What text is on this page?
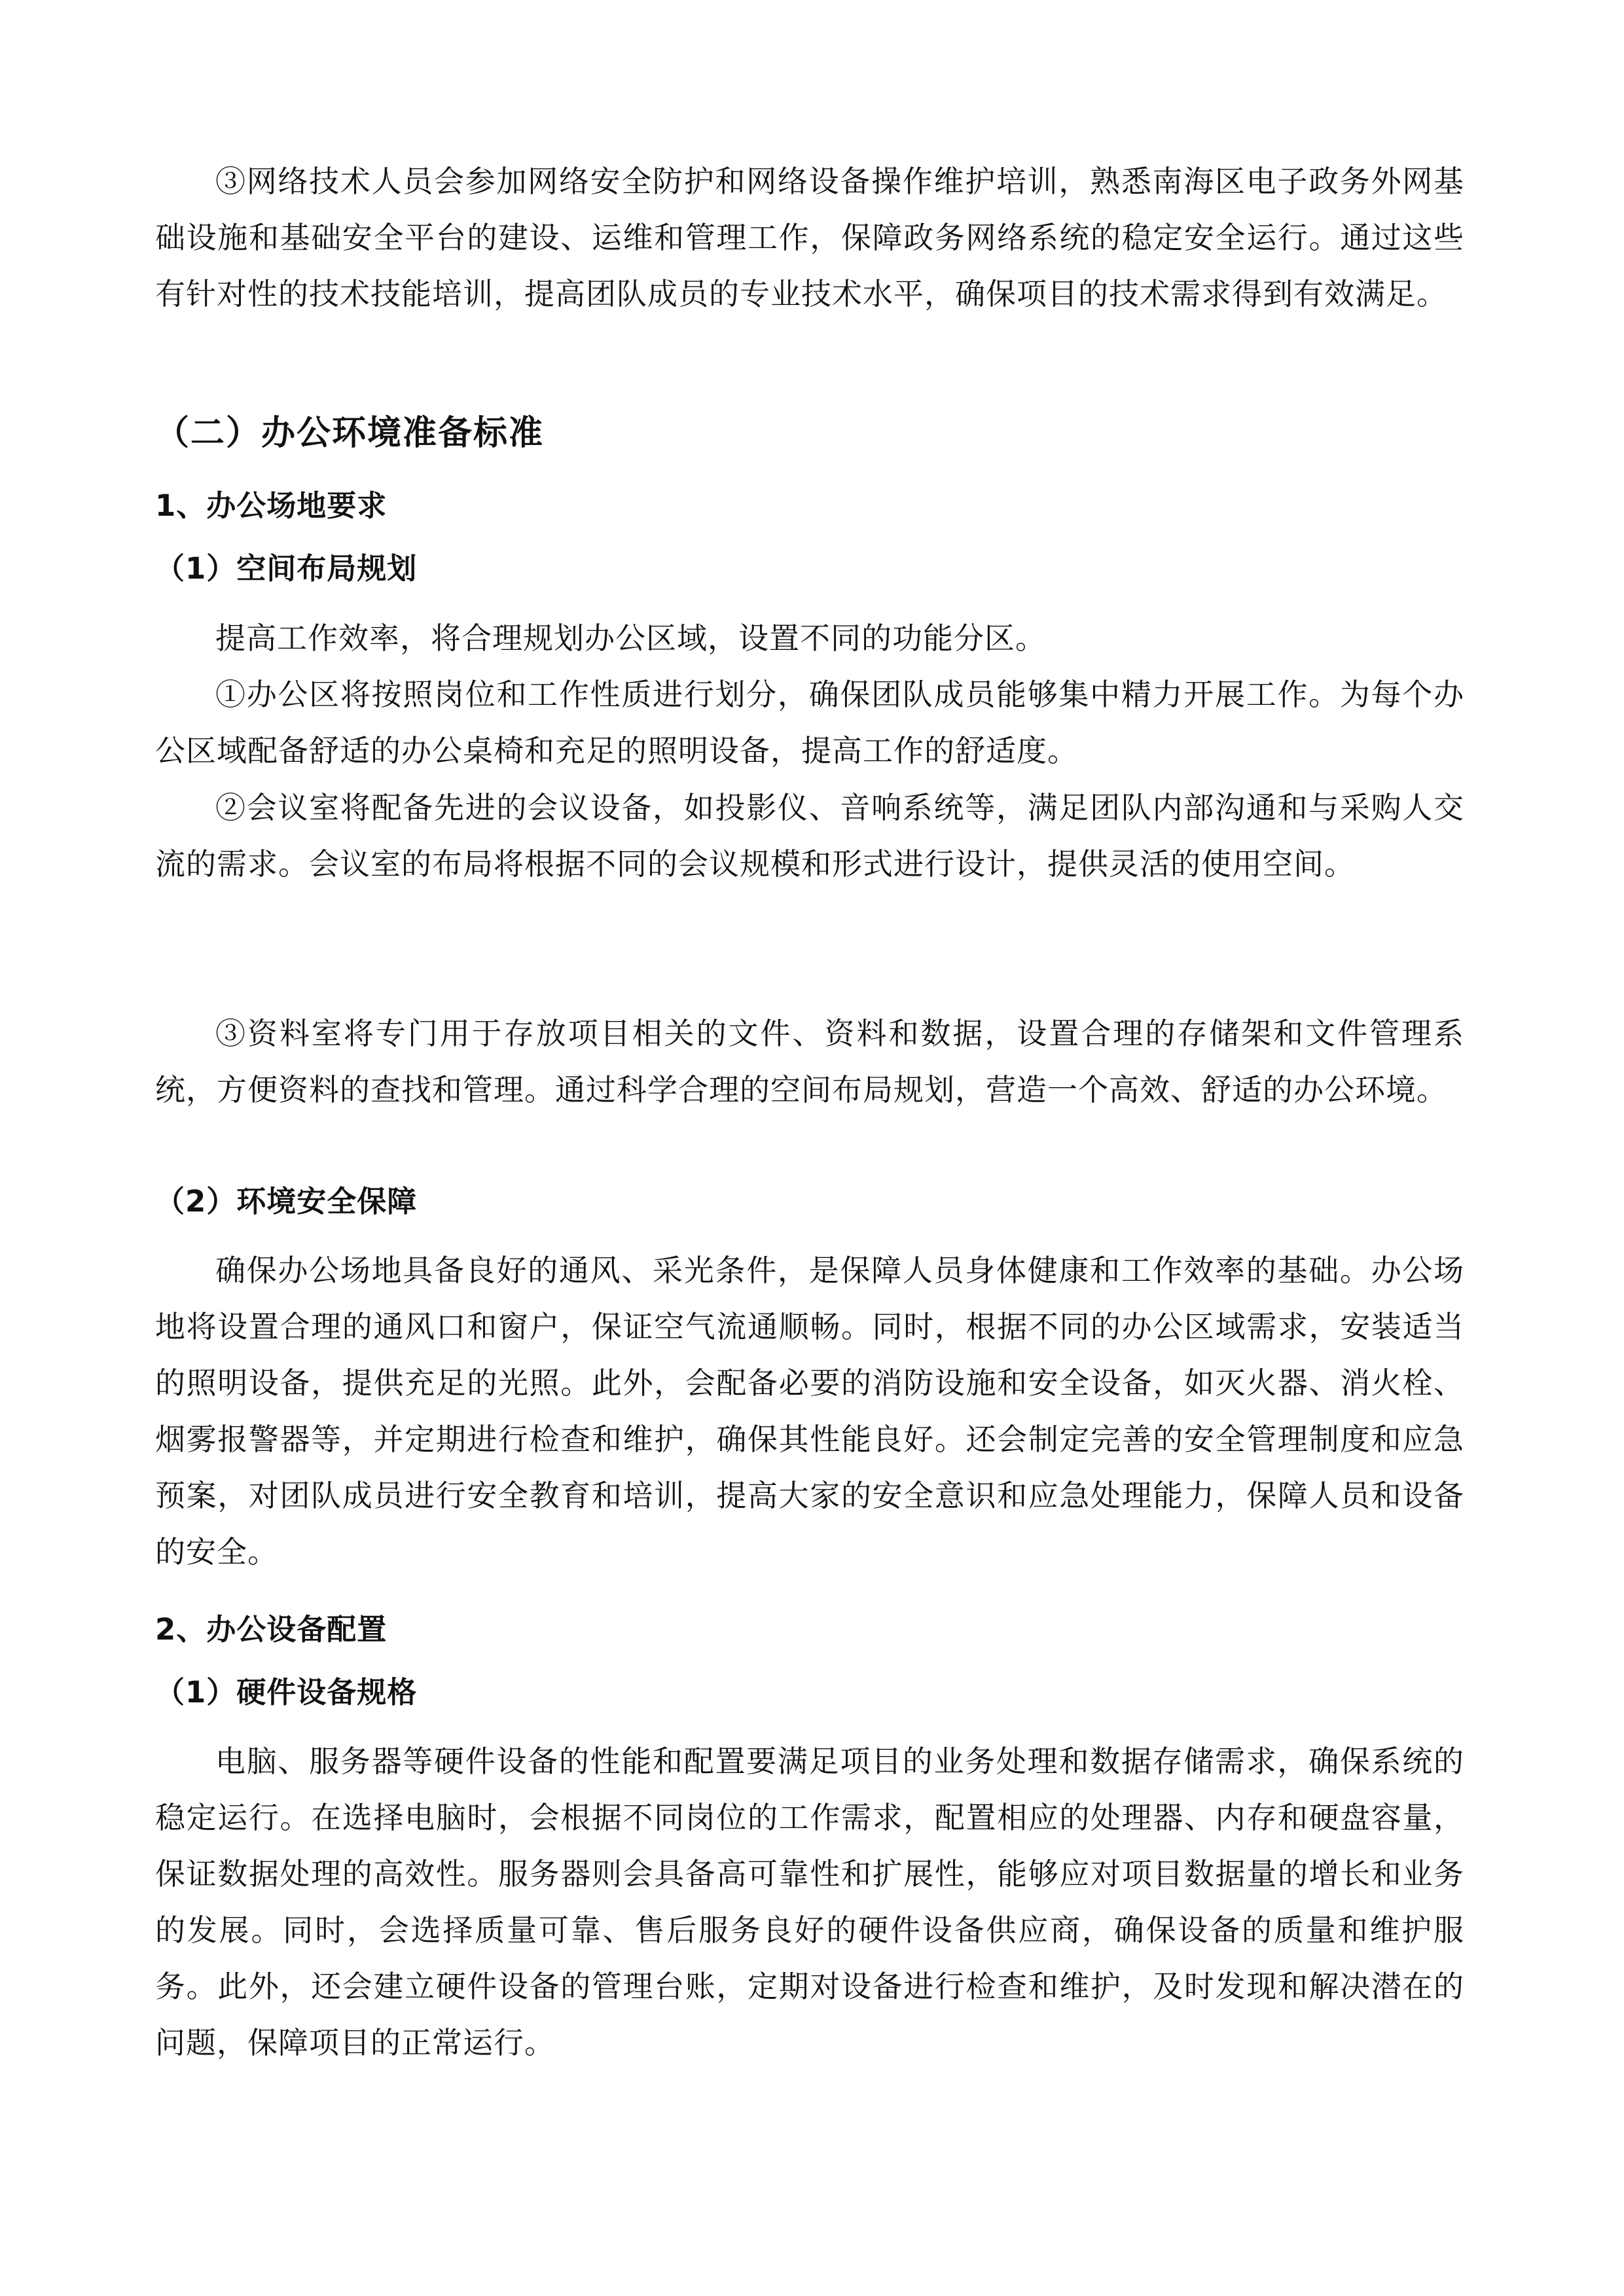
③网络技术人员会参加网络安全防护和网络设备操作维护培训，熟悉南海区电子政务外网基础设施和基础安全平台的建设、运维和管理工作，保障政务网络系统的稳定安全运行。通过这些有针对性的技术技能培训，提高团队成员的专业技术水平，确保项目的技术需求得到有效满足。

（二）办公环境准备标准
1、办公场地要求
（1）空间布局规划

提高工作效率，将合理规划办公区域，设置不同的功能分区。

①办公区将按照岗位和工作性质进行划分，确保团队成员能够集中精力开展工作。为每个办公区域配备舒适的办公桌椅和充足的照明设备，提高工作的舒适度。

②会议室将配备先进的会议设备，如投影仪、音响系统等，满足团队内部沟通和与采购人交流的需求。会议室的布局将根据不同的会议规模和形式进行设计，提供灵活的使用空间。

③资料室将专门用于存放项目相关的文件、资料和数据，设置合理的存储架和文件管理系统，方便资料的查找和管理。通过科学合理的空间布局规划，营造一个高效、舒适的办公环境。

（2）环境安全保障

确保办公场地具备良好的通风、采光条件，是保障人员身体健康和工作效率的基础。办公场地将设置合理的通风口和窗户，保证空气流通顺畅。同时，根据不同的办公区域需求，安装适当的照明设备，提供充足的光照。此外，会配备必要的消防设施和安全设备，如灭火器、消火栓、烟雾报警器等，并定期进行检查和维护，确保其性能良好。还会制定完善的安全管理制度和应急预案，对团队成员进行安全教育和培训，提高大家的安全意识和应急处理能力，保障人员和设备的安全。

2、办公设备配置
（1）硬件设备规格

电脑、服务器等硬件设备的性能和配置要满足项目的业务处理和数据存储需求，确保系统的稳定运行。在选择电脑时，会根据不同岗位的工作需求，配置相应的处理器、内存和硬盘容量，保证数据处理的高效性。服务器则会具备高可靠性和扩展性，能够应对项目数据量的增长和业务的发展。同时，会选择质量可靠、售后服务良好的硬件设备供应商，确保设备的质量和维护服务。此外，还会建立硬件设备的管理台账，定期对设备进行检查和维护，及时发现和解决潜在的问题，保障项目的正常运行。
